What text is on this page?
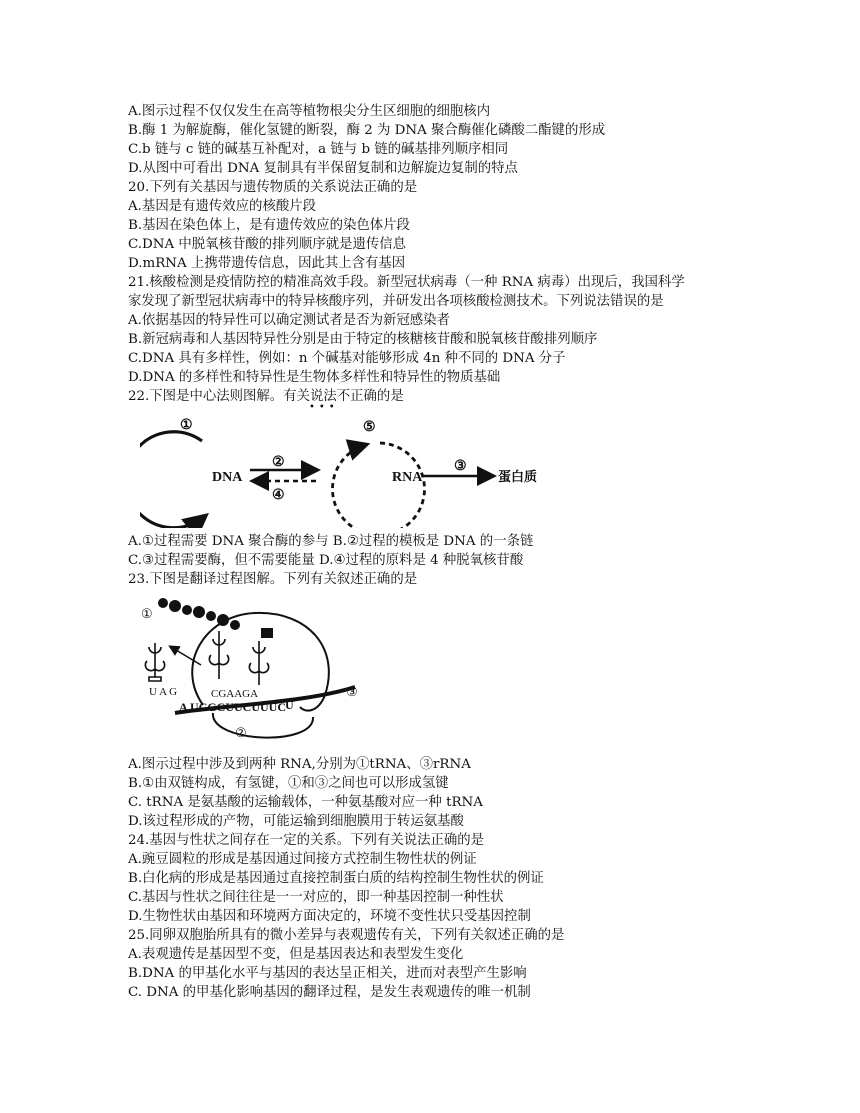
A.图示过程不仅仅发生在高等植物根尖分生区细胞的细胞核内
B.酶 1 为解旋酶，催化氢键的断裂，酶 2 为 DNA 聚合酶催化磷酸二酯键的形成
C.b 链与 c 链的碱基互补配对，a 链与 b 链的碱基排列顺序相同
D.从图中可看出 DNA 复制具有半保留复制和边解旋边复制的特点
20.下列有关基因与遗传物质的关系说法正确的是
A.基因是有遗传效应的核酸片段
B.基因在染色体上，是有遗传效应的染色体片段
C.DNA 中脱氧核苷酸的排列顺序就是遗传信息
D.mRNA 上携带遗传信息，因此其上含有基因
21.核酸检测是疫情防控的精准高效手段。新型冠状病毒（一种 RNA 病毒）出现后，我国科学
家发现了新型冠状病毒中的特异核酸序列，并研发出各项核酸检测技术。下列说法错误的是
A.依据基因的特异性可以确定测试者是否为新冠感染者
B.新冠病毒和人基因特异性分别是由于特定的核糖核苷酸和脱氧核苷酸排列顺序
C.DNA 具有多样性，例如：n 个碱基对能够形成 4n 种不同的 DNA 分子
D.DNA 的多样性和特异性是生物体多样性和特异性的物质基础
22.下图是中心法则图解。有关说法不正确的是
•••
①	⑤
②
④
③
DNA	RNA	蛋白质
A.①过程需要 DNA 聚合酶的参与 B.②过程的模板是 DNA 的一条链
C.③过程需要酶，但不需要能量 D.④过程的原料是 4 种脱氧核苷酸
23.下图是翻译过程图解。下列有关叙述正确的是
①
U A G	CGAAGA
A UCGCUUCUUUC U
③
②
A.图示过程中涉及到两种 RNA,分别为①tRNA、③rRNA
B.①由双链构成，有氢键，①和③之间也可以形成氢键
C. tRNA 是氨基酸的运输载体，一种氨基酸对应一种 tRNA
D.该过程形成的产物，可能运输到细胞膜用于转运氨基酸
24.基因与性状之间存在一定的关系。下列有关说法正确的是
A.豌豆圆粒的形成是基因通过间接方式控制生物性状的例证
B.白化病的形成是基因通过直接控制蛋白质的结构控制生物性状的例证
C.基因与性状之间往往是一一对应的，即一种基因控制一种性状
D.生物性状由基因和环境两方面决定的，环境不变性状只受基因控制
25.同卵双胞胎所具有的微小差异与表观遗传有关，下列有关叙述正确的是
A.表观遗传是基因型不变，但是基因表达和表型发生变化
B.DNA 的甲基化水平与基因的表达呈正相关，进而对表型产生影响
C. DNA 的甲基化影响基因的翻译过程，是发生表观遗传的唯一机制
